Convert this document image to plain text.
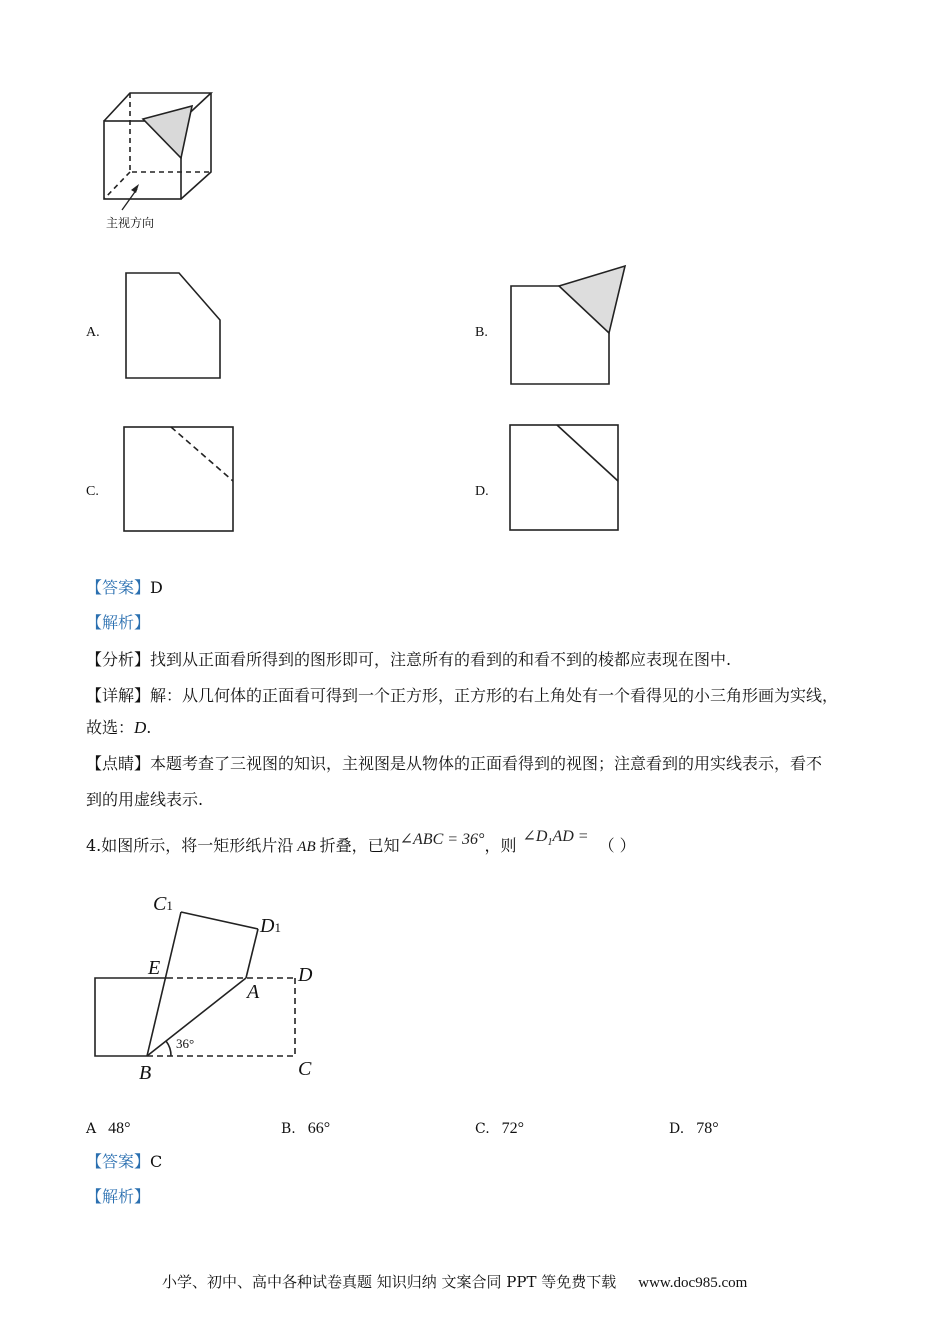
主视方向
A.	B.
C.	D.
【答案】D
【解析】
【分析】找到从正面看所得到的图形即可，注意所有的看到的和看不到的棱都应表现在图中.
【详解】解：从几何体的正面看可得到一个正方形，正方形的右上角处有一个看得见的小三角形画为实线，
故选：D.
【点睛】本题考查了三视图的知识，主视图是从物体的正面看得到的视图；注意看到的用实线表示，看不
到的用虚线表示.
4.如图所示，将一矩形纸片沿 AB 折叠，已知∠ABC = 36°，则 $\angle D_1AD$ = （ ）
C1
D1
E
A
D
B	C
36°
A 48°	B. 66°	C. 72°	D. 78°
【答案】C
【解析】
小学、初中、高中各种试卷真题 知识归纳 文案合同 PPT 等免费下载 www.doc985.com
